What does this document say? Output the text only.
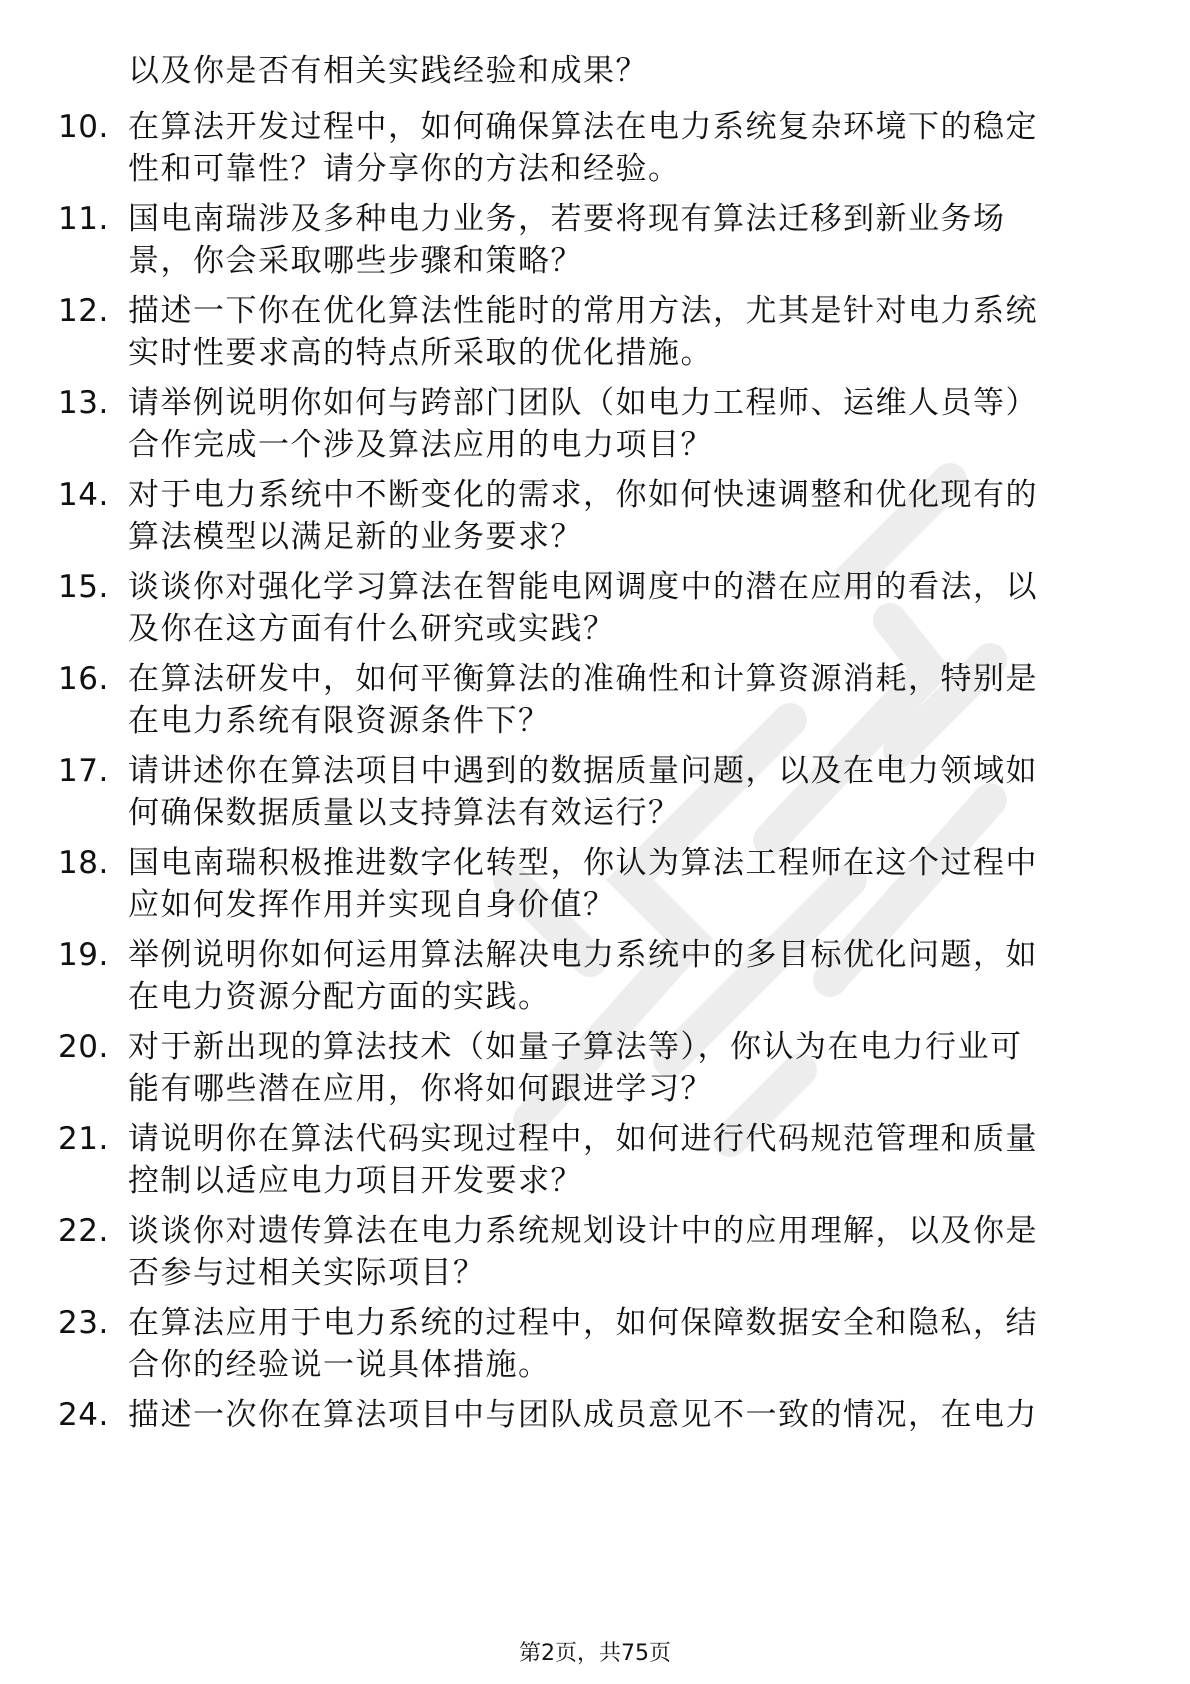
以及你是否有相关实践经验和成果？
10. 在算法开发过程中，如何确保算法在电力系统复杂环境下的稳定
性和可靠性？请分享你的方法和经验。
11. 国电南瑞涉及多种电力业务，若要将现有算法迁移到新业务场
景，你会采取哪些步骤和策略？
12. 描述一下你在优化算法性能时的常用方法，尤其是针对电力系统
实时性要求高的特点所采取的优化措施。
13. 请举例说明你如何与跨部门团队（如电力工程师、运维人员等）
合作完成一个涉及算法应用的电力项目？
14. 对于电力系统中不断变化的需求，你如何快速调整和优化现有的
算法模型以满足新的业务要求？
15. 谈谈你对强化学习算法在智能电网调度中的潜在应用的看法，以
及你在这方面有什么研究或实践？
16. 在算法研发中，如何平衡算法的准确性和计算资源消耗，特别是
在电力系统有限资源条件下？
17. 请讲述你在算法项目中遇到的数据质量问题，以及在电力领域如
何确保数据质量以支持算法有效运行？
18. 国电南瑞积极推进数字化转型，你认为算法工程师在这个过程中
应如何发挥作用并实现自身价值？
19. 举例说明你如何运用算法解决电力系统中的多目标优化问题，如
在电力资源分配方面的实践。
20. 对于新出现的算法技术（如量子算法等），你认为在电力行业可
能有哪些潜在应用，你将如何跟进学习？
21. 请说明你在算法代码实现过程中，如何进行代码规范管理和质量
控制以适应电力项目开发要求？
22. 谈谈你对遗传算法在电力系统规划设计中的应用理解，以及你是
否参与过相关实际项目？
23. 在算法应用于电力系统的过程中，如何保障数据安全和隐私，结
合你的经验说一说具体措施。
24. 描述一次你在算法项目中与团队成员意见不一致的情况，在电力
第2页，共75页
